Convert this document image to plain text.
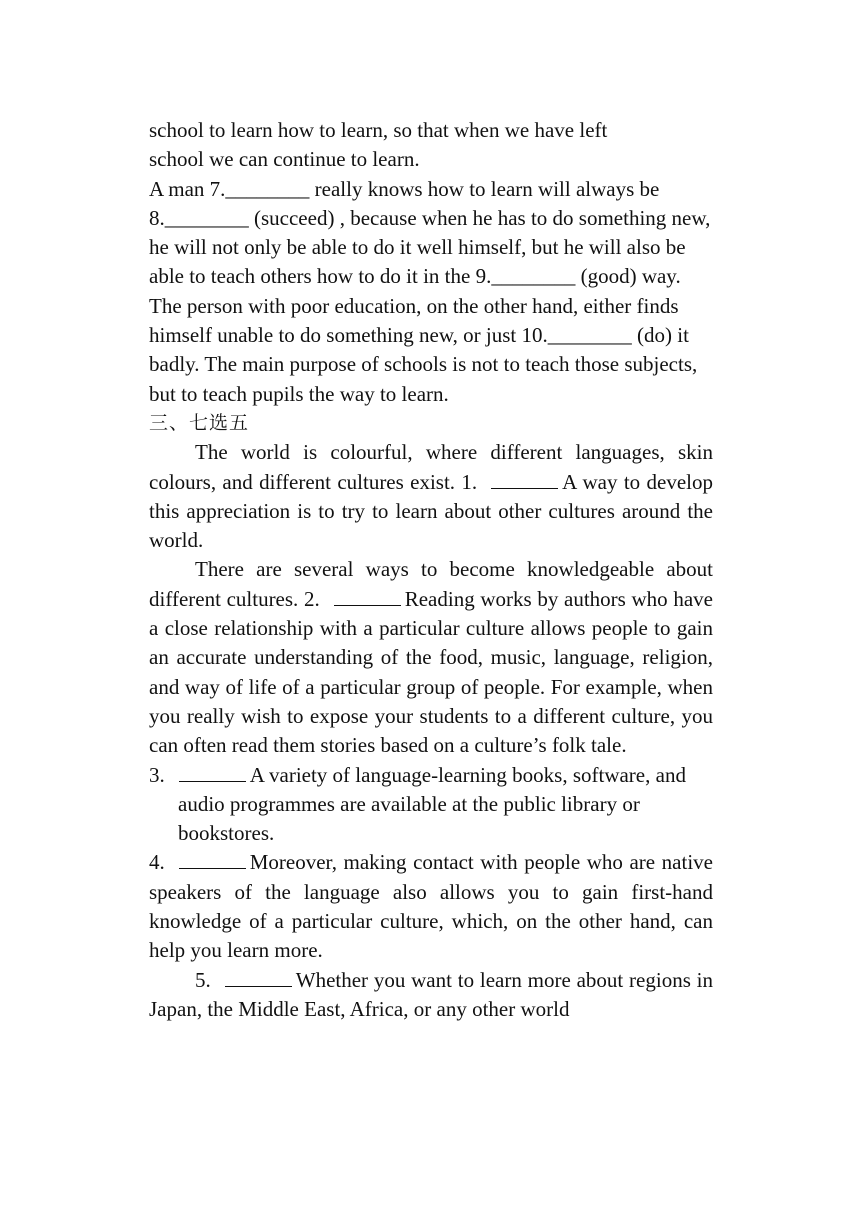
school to learn how to learn, so that when we have left

school we can continue to learn.

A man 7.________ really knows how to learn will always be 8.________ (succeed) , because when he has to do something new, he will not only be able to do it well himself, but he will also be able to teach others how to do it in the 9.________ (good) way. The person with poor education, on the other hand, either finds himself unable to do something new, or just 10.________ (do) it badly. The main purpose of schools is not to teach those subjects, but to teach pupils the way to learn.

三、七选五

The world is colourful, where different languages, skin colours, and different cultures exist. 1.	A way to develop this appreciation is to try to learn about other cultures around the world.

There are several ways to become knowledgeable about different cultures. 2.	Reading works by authors who have a close relationship with a particular culture allows people to gain an accurate understanding of the food, music, language, religion, and way of life of a particular group of people. For example, when you really wish to expose your students to a different culture, you can often read them stories based on a culture’s folk tale.

3.	A variety of language-learning books, software, and audio programmes are available at the public library or bookstores.

4.	Moreover, making contact with people who are native speakers of the language also allows you to gain first-hand knowledge of a particular culture, which, on the other hand, can help you learn more.

5.	Whether you want to learn more about regions in Japan, the Middle East, Africa, or any other world
